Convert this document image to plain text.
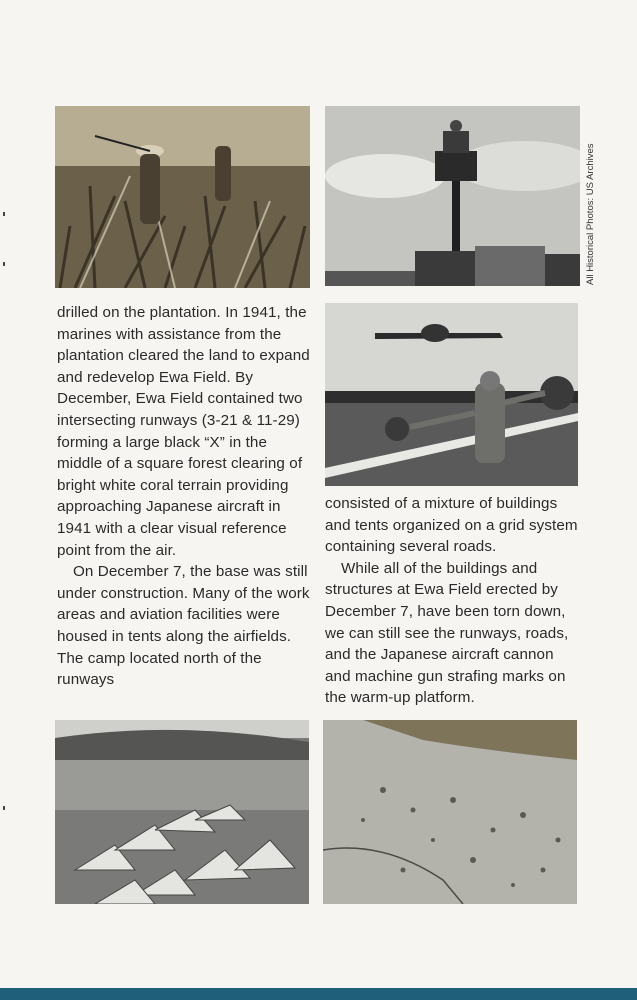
All Historical Photos: US Archives

drilled on the plantation. In 1941, the marines with assistance from the plantation cleared the land to expand and redevelop Ewa Field. By December, Ewa Field contained two intersecting runways (3-21 & 11-29) forming a large black “X” in the middle of a square forest clearing of bright white coral terrain providing approaching Japanese aircraft in 1941 with a clear visual reference point from the air.

On December 7, the base was still under construction. Many of the work areas and aviation facilities were housed in tents along the airfields. The camp located north of the runways

consisted of a mixture of buildings and tents organized on a grid system containing several roads.

While all of the buildings and structures at Ewa Field erected by December 7, have been torn down, we can still see the runways, roads, and the Japanese aircraft cannon and machine gun strafing marks on the warm-up platform.
